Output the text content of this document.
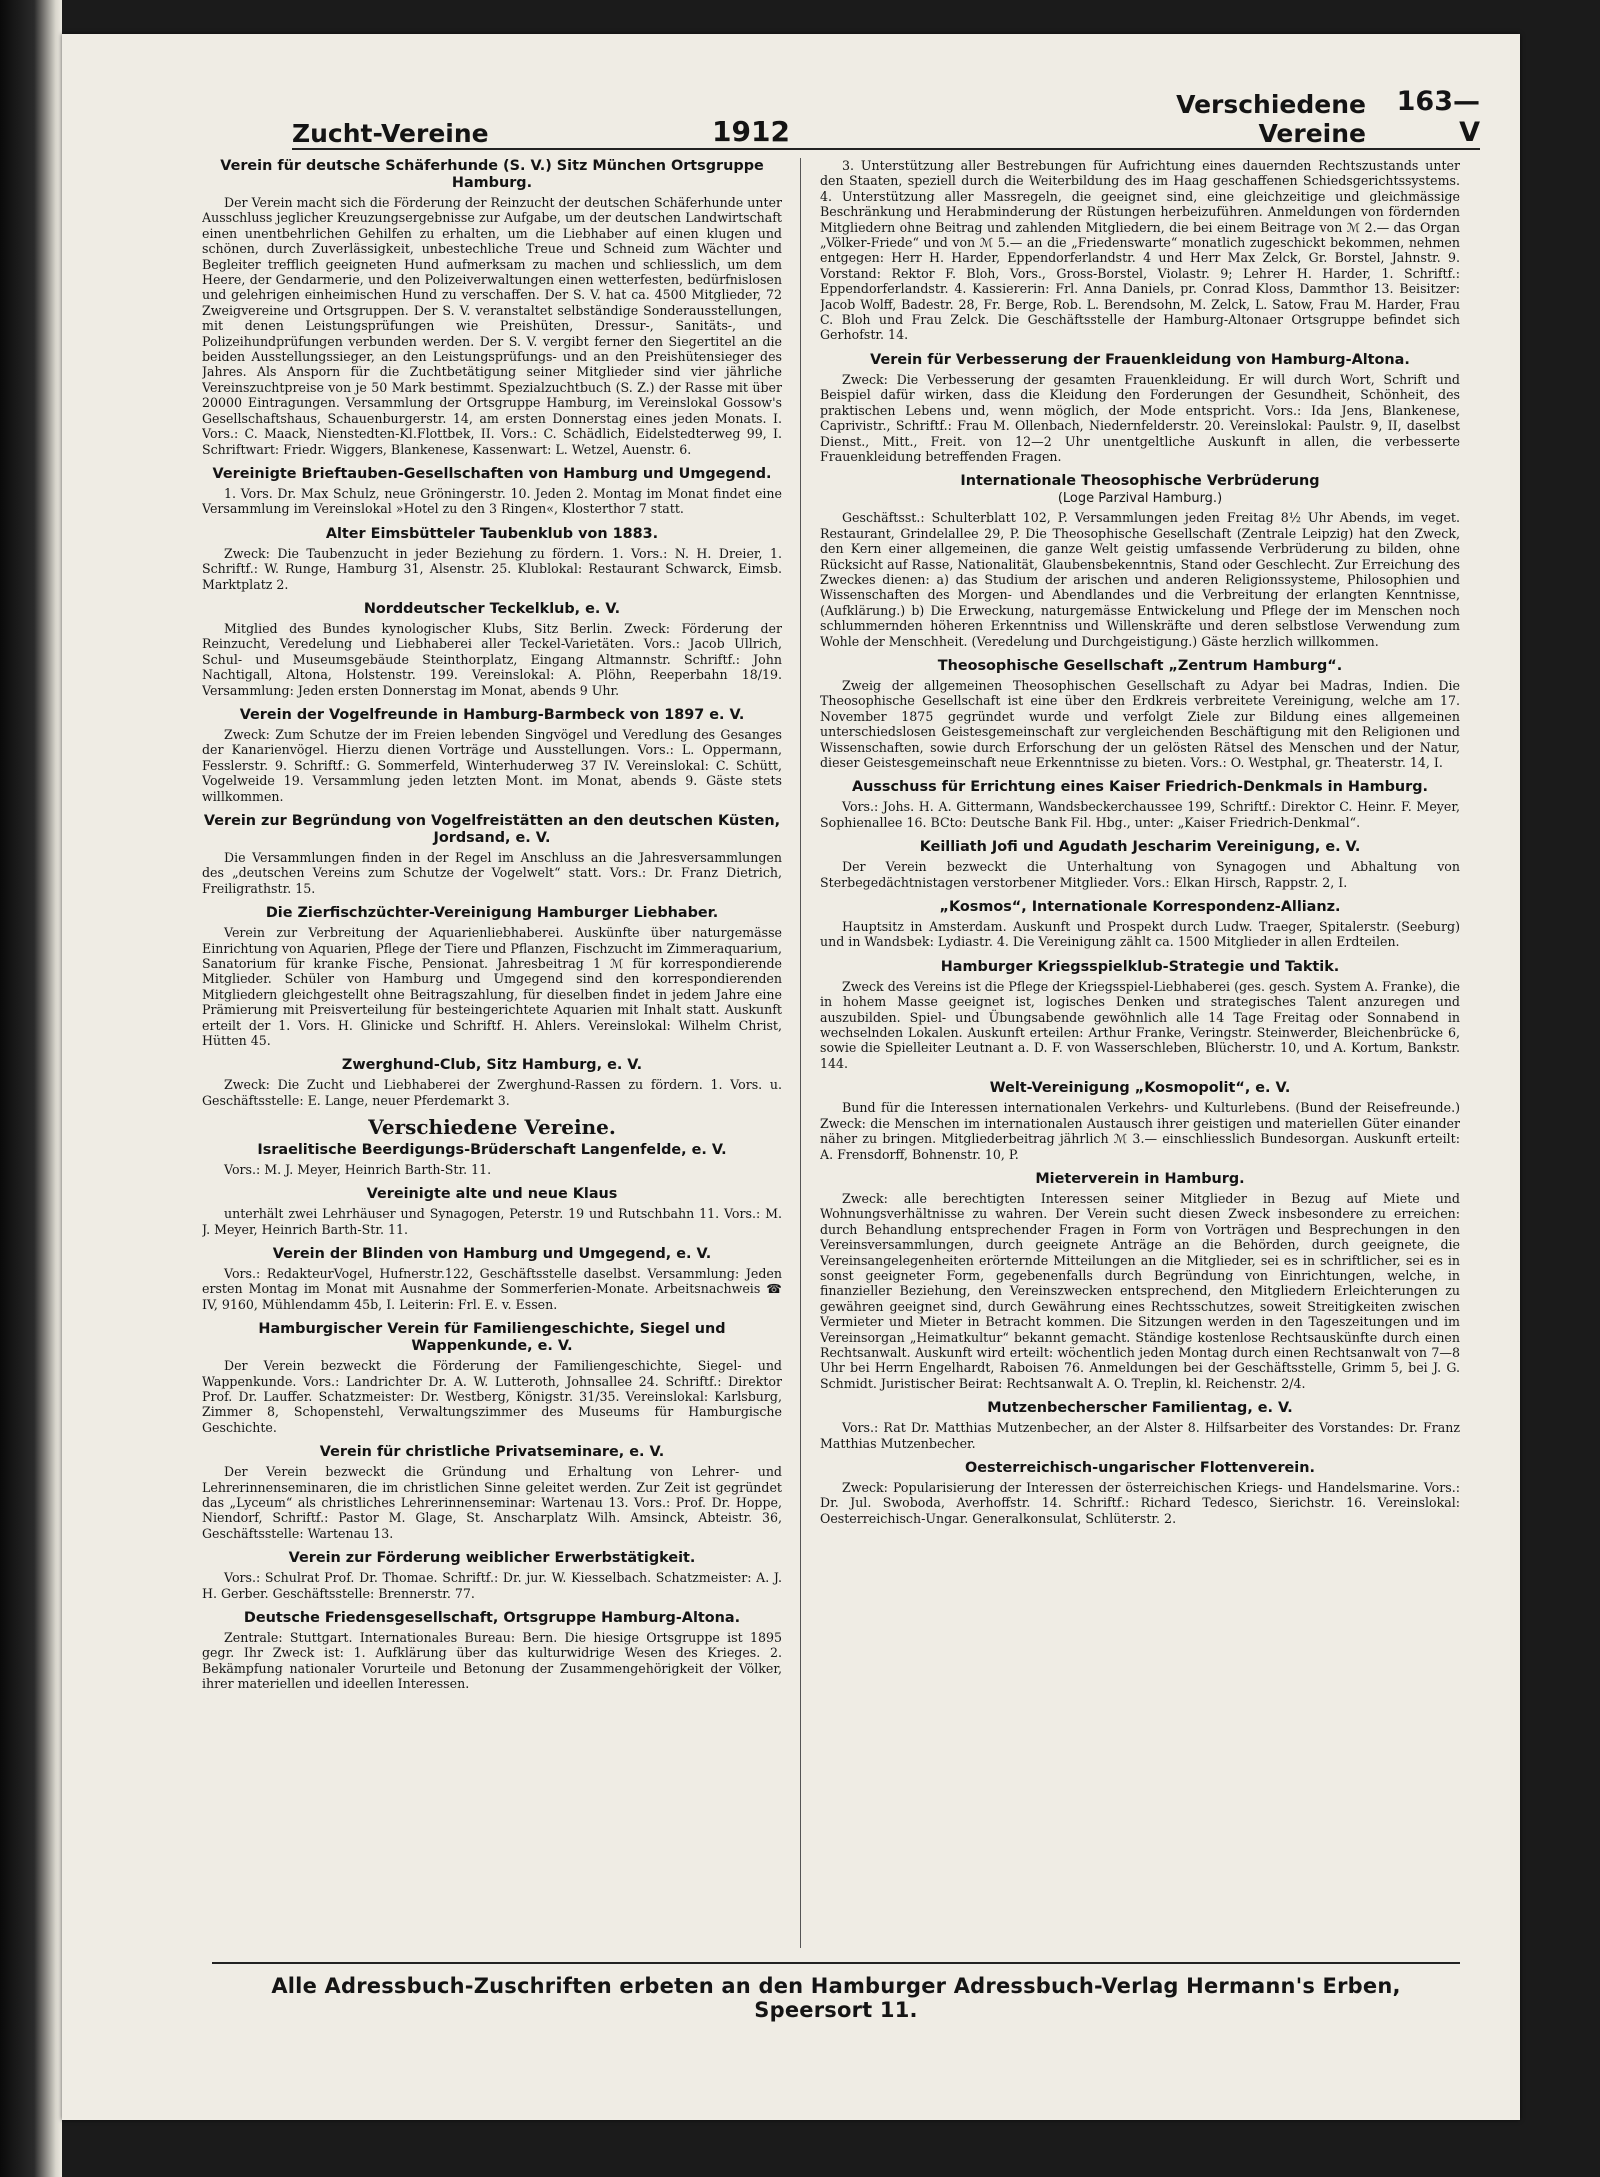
Zucht-Vereine	1912
Verschiedene Vereine
163—V
Verein für deutsche Schäferhunde (S. V.) Sitz München Ortsgruppe Hamburg.

Der Verein macht sich die Förderung der Reinzucht der deutschen Schäferhunde unter Ausschluss jeglicher Kreuzungsergebnisse zur Aufgabe, um der deutschen Landwirtschaft einen unentbehrlichen Gehilfen zu erhalten, um die Liebhaber auf einen klugen und schönen, durch Zuverlässigkeit, unbestechliche Treue und Schneid zum Wächter und Begleiter trefflich geeigneten Hund aufmerksam zu machen und schliesslich, um dem Heere, der Gendarmerie, und den Polizeiverwaltungen einen wetterfesten, bedürfnislosen und gelehrigen einheimischen Hund zu verschaffen. Der S. V. hat ca. 4500 Mitglieder, 72 Zweigvereine und Ortsgruppen. Der S. V. veranstaltet selbständige Sonderausstellungen, mit denen Leistungsprüfungen wie Preishüten, Dressur-, Sanitäts-, und Polizeihundprüfungen verbunden werden. Der S. V. vergibt ferner den Siegertitel an die beiden Ausstellungssieger, an den Leistungsprüfungs- und an den Preishütensieger des Jahres. Als Ansporn für die Zuchtbetätigung seiner Mitglieder sind vier jährliche Vereinszuchtpreise von je 50 Mark bestimmt. Spezialzuchtbuch (S. Z.) der Rasse mit über 20000 Eintragungen. Versammlung der Ortsgruppe Hamburg, im Vereinslokal Gossow's Gesellschaftshaus, Schauenburgerstr. 14, am ersten Donnerstag eines jeden Monats. I. Vors.: C. Maack, Nienstedten-Kl.Flottbek, II. Vors.: C. Schädlich, Eidelstedterweg 99, I. Schriftwart: Friedr. Wiggers, Blankenese, Kassenwart: L. Wetzel, Auenstr. 6.

Vereinigte Brieftauben-Gesellschaften von Hamburg und Umgegend.

1. Vors. Dr. Max Schulz, neue Gröningerstr. 10. Jeden 2. Montag im Monat findet eine Versammlung im Vereinslokal »Hotel zu den 3 Ringen«, Klosterthor 7 statt.

Alter Eimsbütteler Taubenklub von 1883.

Zweck: Die Taubenzucht in jeder Beziehung zu fördern. 1. Vors.: N. H. Dreier, 1. Schriftf.: W. Runge, Hamburg 31, Alsenstr. 25. Klublokal: Restaurant Schwarck, Eimsb. Marktplatz 2.

Norddeutscher Teckelklub, e. V.

Mitglied des Bundes kynologischer Klubs, Sitz Berlin. Zweck: Förderung der Reinzucht, Veredelung und Liebhaberei aller Teckel-Varietäten. Vors.: Jacob Ullrich, Schul- und Museumsgebäude Steinthorplatz, Eingang Altmannstr. Schriftf.: John Nachtigall, Altona, Holstenstr. 199. Vereinslokal: A. Plöhn, Reeperbahn 18/19. Versammlung: Jeden ersten Donnerstag im Monat, abends 9 Uhr.

Verein der Vogelfreunde in Hamburg-Barmbeck von 1897 e. V.

Zweck: Zum Schutze der im Freien lebenden Singvögel und Veredlung des Gesanges der Kanarienvögel. Hierzu dienen Vorträge und Ausstellungen. Vors.: L. Oppermann, Fesslerstr. 9. Schriftf.: G. Sommerfeld, Winterhuderweg 37 IV. Vereinslokal: C. Schütt, Vogelweide 19. Versammlung jeden letzten Mont. im Monat, abends 9. Gäste stets willkommen.

Verein zur Begründung von Vogelfreistätten an den deutschen Küsten, Jordsand, e. V.

Die Versammlungen finden in der Regel im Anschluss an die Jahresversammlungen des „deutschen Vereins zum Schutze der Vogelwelt“ statt. Vors.: Dr. Franz Dietrich, Freiligrathstr. 15.

Die Zierfischzüchter-Vereinigung Hamburger Liebhaber.

Verein zur Verbreitung der Aquarienliebhaberei. Auskünfte über naturgemässe Einrichtung von Aquarien, Pflege der Tiere und Pflanzen, Fischzucht im Zimmeraquarium, Sanatorium für kranke Fische, Pensionat. Jahresbeitrag 1 ℳ für korrespondierende Mitglieder. Schüler von Hamburg und Umgegend sind den korrespondierenden Mitgliedern gleichgestellt ohne Beitragszahlung, für dieselben findet in jedem Jahre eine Prämierung mit Preisverteilung für besteingerichtete Aquarien mit Inhalt statt. Auskunft erteilt der 1. Vors. H. Glinicke und Schriftf. H. Ahlers. Vereinslokal: Wilhelm Christ, Hütten 45.

Zwerghund-Club, Sitz Hamburg, e. V.

Zweck: Die Zucht und Liebhaberei der Zwerghund-Rassen zu fördern. 1. Vors. u. Geschäftsstelle: E. Lange, neuer Pferdemarkt 3.

Verschiedene Vereine.
Israelitische Beerdigungs-Brüderschaft Langenfelde, e. V.

Vors.: M. J. Meyer, Heinrich Barth-Str. 11.

Vereinigte alte und neue Klaus

unterhält zwei Lehrhäuser und Synagogen, Peterstr. 19 und Rutschbahn 11. Vors.: M. J. Meyer, Heinrich Barth-Str. 11.

Verein der Blinden von Hamburg und Umgegend, e. V.

Vors.: RedakteurVogel, Hufnerstr.122, Geschäftsstelle daselbst. Versammlung: Jeden ersten Montag im Monat mit Ausnahme der Sommerferien-Monate. Arbeitsnachweis ☎ IV, 9160, Mühlendamm 45b, I. Leiterin: Frl. E. v. Essen.

Hamburgischer Verein für Familiengeschichte, Siegel und Wappenkunde, e. V.

Der Verein bezweckt die Förderung der Familiengeschichte, Siegel- und Wappenkunde. Vors.: Landrichter Dr. A. W. Lutteroth, Johnsallee 24. Schriftf.: Direktor Prof. Dr. Lauffer. Schatzmeister: Dr. Westberg, Königstr. 31/35. Vereinslokal: Karlsburg, Zimmer 8, Schopenstehl, Verwaltungszimmer des Museums für Hamburgische Geschichte.

Verein für christliche Privatseminare, e. V.

Der Verein bezweckt die Gründung und Erhaltung von Lehrer- und Lehrerinnenseminaren, die im christlichen Sinne geleitet werden. Zur Zeit ist gegründet das „Lyceum“ als christliches Lehrerinnenseminar: Wartenau 13. Vors.: Prof. Dr. Hoppe, Niendorf, Schriftf.: Pastor M. Glage, St. Anscharplatz Wilh. Amsinck, Abteistr. 36, Geschäftsstelle: Wartenau 13.

Verein zur Förderung weiblicher Erwerbstätigkeit.

Vors.: Schulrat Prof. Dr. Thomae. Schriftf.: Dr. jur. W. Kiesselbach. Schatzmeister: A. J. H. Gerber. Geschäftsstelle: Brennerstr. 77.

Deutsche Friedensgesellschaft, Ortsgruppe Hamburg-Altona.

Zentrale: Stuttgart. Internationales Bureau: Bern. Die hiesige Ortsgruppe ist 1895 gegr. Ihr Zweck ist: 1. Aufklärung über das kulturwidrige Wesen des Krieges. 2. Bekämpfung nationaler Vorurteile und Betonung der Zusammengehörigkeit der Völker, ihrer materiellen und ideellen Interessen.

3. Unterstützung aller Bestrebungen für Aufrichtung eines dauernden Rechtszustands unter den Staaten, speziell durch die Weiterbildung des im Haag geschaffenen Schiedsgerichtssystems. 4. Unterstützung aller Massregeln, die geeignet sind, eine gleichzeitige und gleichmässige Beschränkung und Herabminderung der Rüstungen herbeizuführen. Anmeldungen von fördernden Mitgliedern ohne Beitrag und zahlenden Mitgliedern, die bei einem Beitrage von ℳ 2.— das Organ „Völker-Friede“ und von ℳ 5.— an die „Friedenswarte“ monatlich zugeschickt bekommen, nehmen entgegen: Herr H. Harder, Eppendorferlandstr. 4 und Herr Max Zelck, Gr. Borstel, Jahnstr. 9. Vorstand: Rektor F. Bloh, Vors., Gross-Borstel, Violastr. 9; Lehrer H. Harder, 1. Schriftf.: Eppendorferlandstr. 4. Kassiererin: Frl. Anna Daniels, pr. Conrad Kloss, Dammthor 13. Beisitzer: Jacob Wolff, Badestr. 28, Fr. Berge, Rob. L. Berendsohn, M. Zelck, L. Satow, Frau M. Harder, Frau C. Bloh und Frau Zelck. Die Geschäftsstelle der Hamburg-Altonaer Ortsgruppe befindet sich Gerhofstr. 14.

Verein für Verbesserung der Frauenkleidung von Hamburg-Altona.

Zweck: Die Verbesserung der gesamten Frauenkleidung. Er will durch Wort, Schrift und Beispiel dafür wirken, dass die Kleidung den Forderungen der Gesundheit, Schönheit, des praktischen Lebens und, wenn möglich, der Mode entspricht. Vors.: Ida Jens, Blankenese, Caprivistr., Schriftf.: Frau M. Ollenbach, Niedernfelderstr. 20. Vereinslokal: Paulstr. 9, II, daselbst Dienst., Mitt., Freit. von 12—2 Uhr unentgeltliche Auskunft in allen, die verbesserte Frauenkleidung betreffenden Fragen.

Internationale Theosophische Verbrüderung
(Loge Parzival Hamburg.)

Geschäftsst.: Schulterblatt 102, P. Versammlungen jeden Freitag 8½ Uhr Abends, im veget. Restaurant, Grindelallee 29, P. Die Theosophische Gesellschaft (Zentrale Leipzig) hat den Zweck, den Kern einer allgemeinen, die ganze Welt geistig umfassende Verbrüderung zu bilden, ohne Rücksicht auf Rasse, Nationalität, Glaubensbekenntnis, Stand oder Geschlecht. Zur Erreichung des Zweckes dienen: a) das Studium der arischen und anderen Religionssysteme, Philosophien und Wissenschaften des Morgen- und Abendlandes und die Verbreitung der erlangten Kenntnisse, (Aufklärung.) b) Die Erweckung, naturgemässe Entwickelung und Pflege der im Menschen noch schlummernden höheren Erkenntniss und Willenskräfte und deren selbstlose Verwendung zum Wohle der Menschheit. (Veredelung und Durchgeistigung.) Gäste herzlich willkommen.

Theosophische Gesellschaft „Zentrum Hamburg“.

Zweig der allgemeinen Theosophischen Gesellschaft zu Adyar bei Madras, Indien. Die Theosophische Gesellschaft ist eine über den Erdkreis verbreitete Vereinigung, welche am 17. November 1875 gegründet wurde und verfolgt Ziele zur Bildung eines allgemeinen unterschiedslosen Geistesgemeinschaft zur vergleichenden Beschäftigung mit den Religionen und Wissenschaften, sowie durch Erforschung der un gelösten Rätsel des Menschen und der Natur, dieser Geistesgemeinschaft neue Erkenntnisse zu bieten. Vors.: O. Westphal, gr. Theaterstr. 14, I.

Ausschuss für Errichtung eines Kaiser Friedrich-Denkmals in Hamburg.

Vors.: Johs. H. A. Gittermann, Wandsbeckerchaussee 199, Schriftf.: Direktor C. Heinr. F. Meyer, Sophienallee 16. BCto: Deutsche Bank Fil. Hbg., unter: „Kaiser Friedrich-Denkmal“.

Keilliath Jofi und Agudath Jescharim Vereinigung, e. V.

Der Verein bezweckt die Unterhaltung von Synagogen und Abhaltung von Sterbegedächtnistagen verstorbener Mitglieder. Vors.: Elkan Hirsch, Rappstr. 2, I.

„Kosmos“, Internationale Korrespondenz-Allianz.

Hauptsitz in Amsterdam. Auskunft und Prospekt durch Ludw. Traeger, Spitalerstr. (Seeburg) und in Wandsbek: Lydiastr. 4. Die Vereinigung zählt ca. 1500 Mitglieder in allen Erdteilen.

Hamburger Kriegsspielklub-Strategie und Taktik.

Zweck des Vereins ist die Pflege der Kriegsspiel-Liebhaberei (ges. gesch. System A. Franke), die in hohem Masse geeignet ist, logisches Denken und strategisches Talent anzuregen und auszubilden. Spiel- und Übungsabende gewöhnlich alle 14 Tage Freitag oder Sonnabend in wechselnden Lokalen. Auskunft erteilen: Arthur Franke, Veringstr. Steinwerder, Bleichenbrücke 6, sowie die Spielleiter Leutnant a. D. F. von Wasserschleben, Blücherstr. 10, und A. Kortum, Bankstr. 144.

Welt-Vereinigung „Kosmopolit“, e. V.

Bund für die Interessen internationalen Verkehrs- und Kulturlebens. (Bund der Reisefreunde.) Zweck: die Menschen im internationalen Austausch ihrer geistigen und materiellen Güter einander näher zu bringen. Mitgliederbeitrag jährlich ℳ 3.— einschliesslich Bundesorgan. Auskunft erteilt: A. Frensdorff, Bohnenstr. 10, P.

Mieterverein in Hamburg.

Zweck: alle berechtigten Interessen seiner Mitglieder in Bezug auf Miete und Wohnungsverhältnisse zu wahren. Der Verein sucht diesen Zweck insbesondere zu erreichen: durch Behandlung entsprechender Fragen in Form von Vorträgen und Besprechungen in den Vereinsversammlungen, durch geeignete Anträge an die Behörden, durch geeignete, die Vereinsangelegenheiten erörternde Mitteilungen an die Mitglieder, sei es in schriftlicher, sei es in sonst geeigneter Form, gegebenenfalls durch Begründung von Einrichtungen, welche, in finanzieller Beziehung, den Vereinszwecken entsprechend, den Mitgliedern Erleichterungen zu gewähren geeignet sind, durch Gewährung eines Rechtsschutzes, soweit Streitigkeiten zwischen Vermieter und Mieter in Betracht kommen. Die Sitzungen werden in den Tageszeitungen und im Vereinsorgan „Heimatkultur“ bekannt gemacht. Ständige kostenlose Rechtsauskünfte durch einen Rechtsanwalt. Auskunft wird erteilt: wöchentlich jeden Montag durch einen Rechtsanwalt von 7—8 Uhr bei Herrn Engelhardt, Raboisen 76. Anmeldungen bei der Geschäftsstelle, Grimm 5, bei J. G. Schmidt. Juristischer Beirat: Rechtsanwalt A. O. Treplin, kl. Reichenstr. 2/4.

Mutzenbecherscher Familientag, e. V.

Vors.: Rat Dr. Matthias Mutzenbecher, an der Alster 8. Hilfsarbeiter des Vorstandes: Dr. Franz Matthias Mutzenbecher.

Oesterreichisch-ungarischer Flottenverein.

Zweck: Popularisierung der Interessen der österreichischen Kriegs- und Handelsmarine. Vors.: Dr. Jul. Swoboda, Averhoffstr. 14. Schriftf.: Richard Tedesco, Sierichstr. 16. Vereinslokal: Oesterreichisch-Ungar. Generalkonsulat, Schlüterstr. 2.

Alle Adressbuch-Zuschriften erbeten an den Hamburger Adressbuch-Verlag Hermann's Erben, Speersort 11.
